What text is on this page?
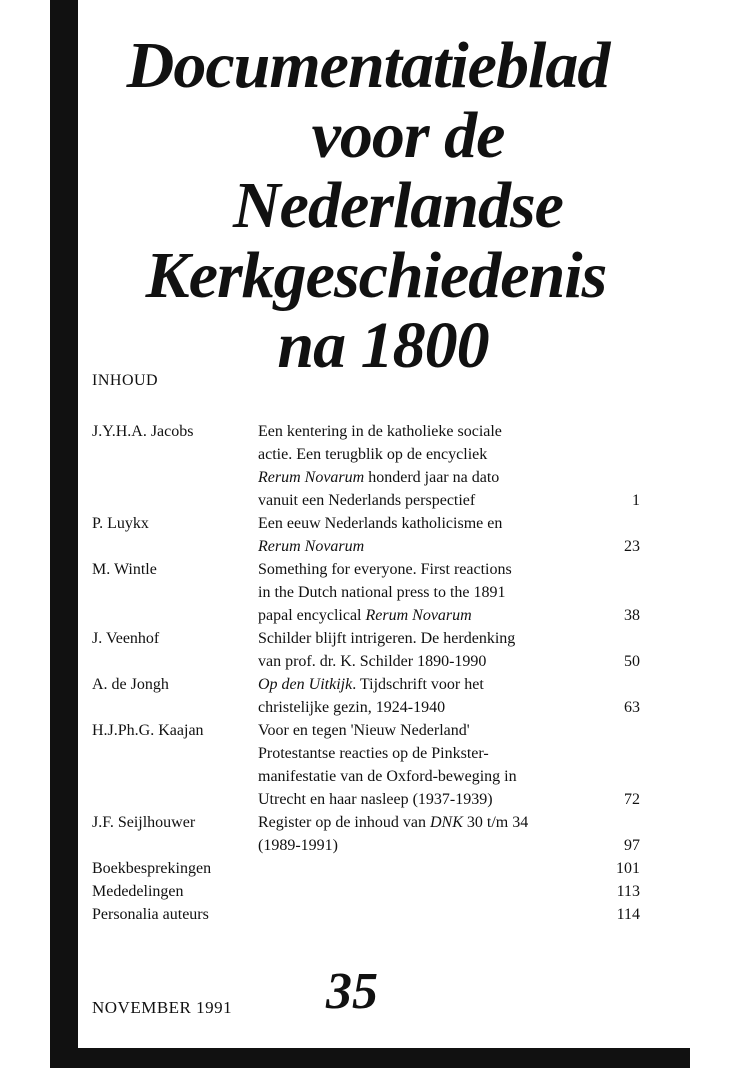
Documentatieblad
voor de
Nederlandse
Kerkgeschiedenis
na 1800
INHOUD
J.Y.H.A. Jacobs	Een kentering in de katholieke sociale
actie. Een terugblik op de encycliek
Rerum Novarum honderd jaar na dato
vanuit een Nederlands perspectief	1
P. Luykx	Een eeuw Nederlands katholicisme en
Rerum Novarum	23
M. Wintle	Something for everyone. First reactions
in the Dutch national press to the 1891
papal encyclical Rerum Novarum	38
J. Veenhof	Schilder blijft intrigeren. De herdenking
van prof. dr. K. Schilder 1890-1990	50
A. de Jongh	Op den Uitkijk. Tijdschrift voor het
christelijke gezin, 1924-1940	63
H.J.Ph.G. Kaajan	Voor en tegen 'Nieuw Nederland'
Protestantse reacties op de Pinkster-
manifestatie van de Oxford-beweging in
Utrecht en haar nasleep (1937-1939)	72
J.F. Seijlhouwer	Register op de inhoud van DNK 30 t/m 34
(1989-1991)	97
Boekbesprekingen	101
Mededelingen	113
Personalia auteurs	114
NOVEMBER 1991 35
